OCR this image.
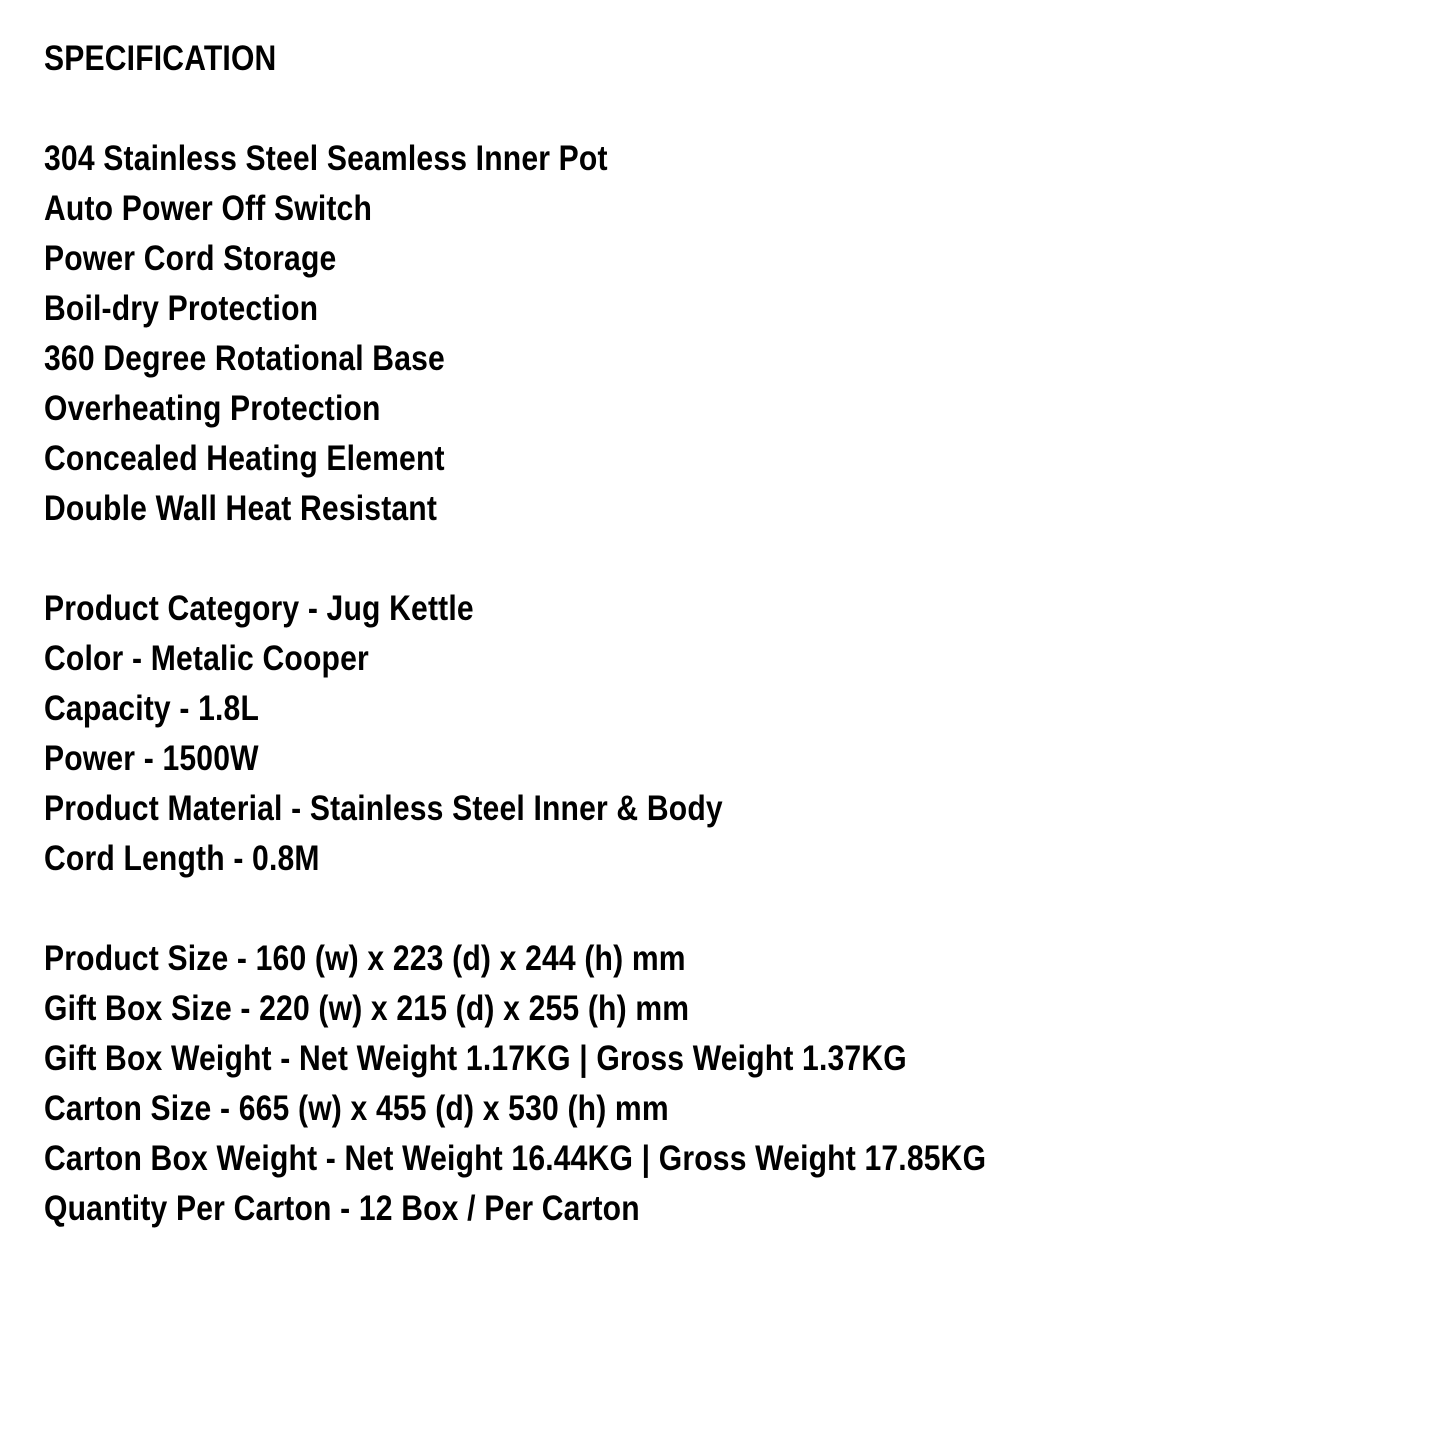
SPECIFICATION
304 Stainless Steel Seamless Inner Pot
Auto Power Off Switch
Power Cord Storage
Boil-dry Protection
360 Degree Rotational Base
Overheating Protection
Concealed Heating Element
Double Wall Heat Resistant
Product Category - Jug Kettle
Color - Metalic Cooper
Capacity - 1.8L
Power - 1500W
Product Material - Stainless Steel Inner & Body
Cord Length - 0.8M
Product Size - 160 (w) x 223 (d) x 244 (h) mm
Gift Box Size - 220 (w) x 215 (d) x 255 (h) mm
Gift Box Weight - Net Weight 1.17KG | Gross Weight 1.37KG
Carton Size - 665 (w) x 455 (d) x 530 (h) mm
Carton Box Weight - Net Weight 16.44KG | Gross Weight 17.85KG
Quantity Per Carton - 12 Box / Per Carton
